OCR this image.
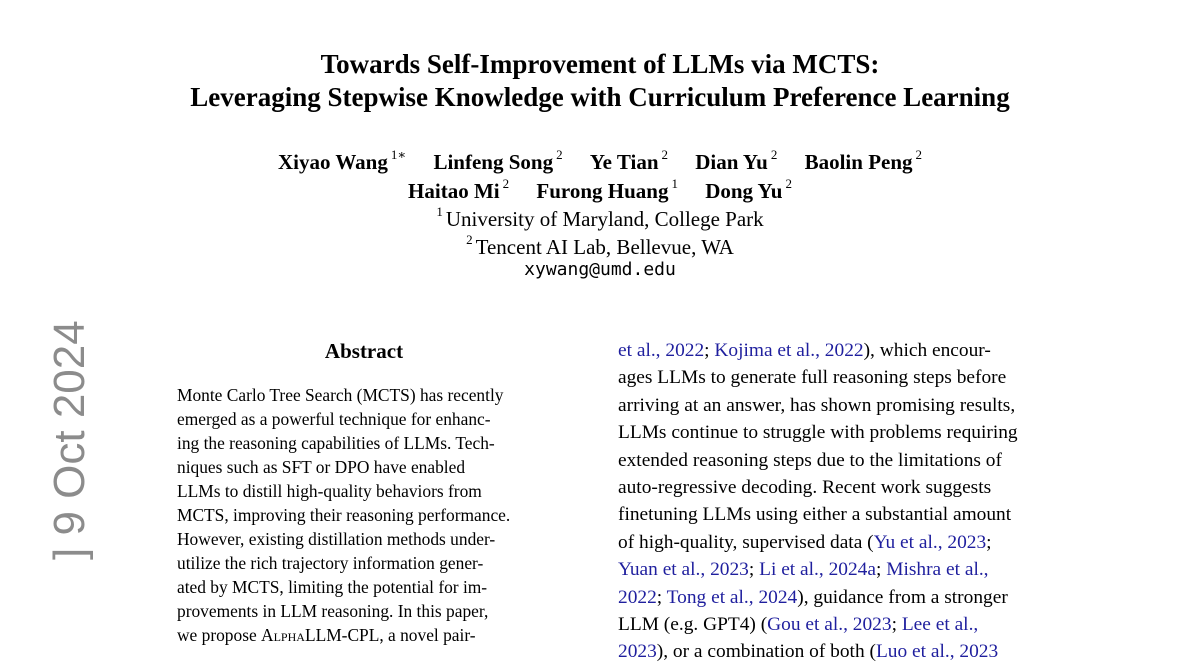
Towards Self-Improvement of LLMs via MCTS:
Leveraging Stepwise Knowledge with Curriculum Preference Learning
Xiyao Wang $^{1∗}$ Linfeng Song $^2$ Ye Tian $^2$ Dian Yu $^2$ Baolin Peng $^2$
Haitao Mi $^2$ Furong Huang $^1$ Dong Yu $^2$
$^1$ University of Maryland, College Park
$^2$ Tencent AI Lab, Bellevue, WA
xywang@umd.edu
Abstract
Monte Carlo Tree Search (MCTS) has recently
emerged as a powerful technique for enhanc-
ing the reasoning capabilities of LLMs. Tech-
niques such as SFT or DPO have enabled
LLMs to distill high-quality behaviors from
MCTS, improving their reasoning performance.
However, existing distillation methods under-
utilize the rich trajectory information gener-
ated by MCTS, limiting the potential for im-
provements in LLM reasoning. In this paper,
we propose AlphaLLM-CPL, a novel pair-
et al., 2022; Kojima et al., 2022), which encour-
ages LLMs to generate full reasoning steps before
arriving at an answer, has shown promising results,
LLMs continue to struggle with problems requiring
extended reasoning steps due to the limitations of
auto-regressive decoding. Recent work suggests
finetuning LLMs using either a substantial amount
of high-quality, supervised data (Yu et al., 2023;
Yuan et al., 2023; Li et al., 2024a; Mishra et al.,
2022; Tong et al., 2024), guidance from a stronger
LLM (e.g. GPT4) (Gou et al., 2023; Lee et al.,
2023), or a combination of both (Luo et al., 2023
] 9 Oct 2024
